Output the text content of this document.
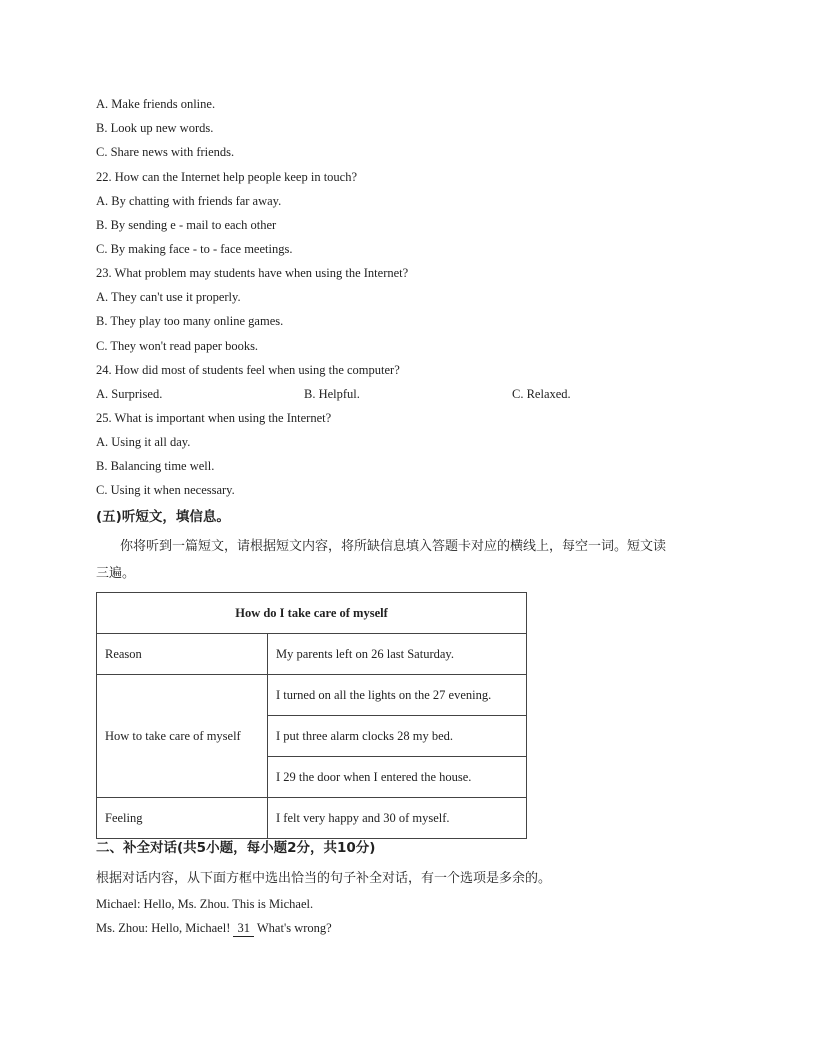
A. Make friends online.
B. Look up new words.
C. Share news with friends.
22. How can the Internet help people keep in touch?
A. By chatting with friends far away.
B. By sending e - mail to each other
C. By making face - to - face meetings.
23. What problem may students have when using the Internet?
A. They can't use it properly.
B. They play too many online games.
C. They won't read paper books.
24. How did most of students feel when using the computer?
A. Surprised.	B. Helpful.	C. Relaxed.
25. What is important when using the Internet?
A. Using it all day.
B. Balancing time well.
C. Using it when necessary.
(五)听短文，填信息。
你将听到一篇短文，请根据短文内容，将所缺信息填入答题卡对应的横线上，每空一词。短文读
三遍。
How do I take care of myself	
Reason	My parents left on 26 last Saturday.
How to take care of myself	I turned on all the lights on the 27 evening.
	I put three alarm clocks 28 my bed.
	I 29 the door when I entered the house.
Feeling	I felt very happy and 30 of myself.
二、补全对话(共5小题，每小题2分，共10分)
根据对话内容，从下面方框中选出恰当的句子补全对话，有一个选项是多余的。
Michael: Hello, Ms. Zhou. This is Michael.
Ms. Zhou: Hello, Michael! 31 What's wrong?
